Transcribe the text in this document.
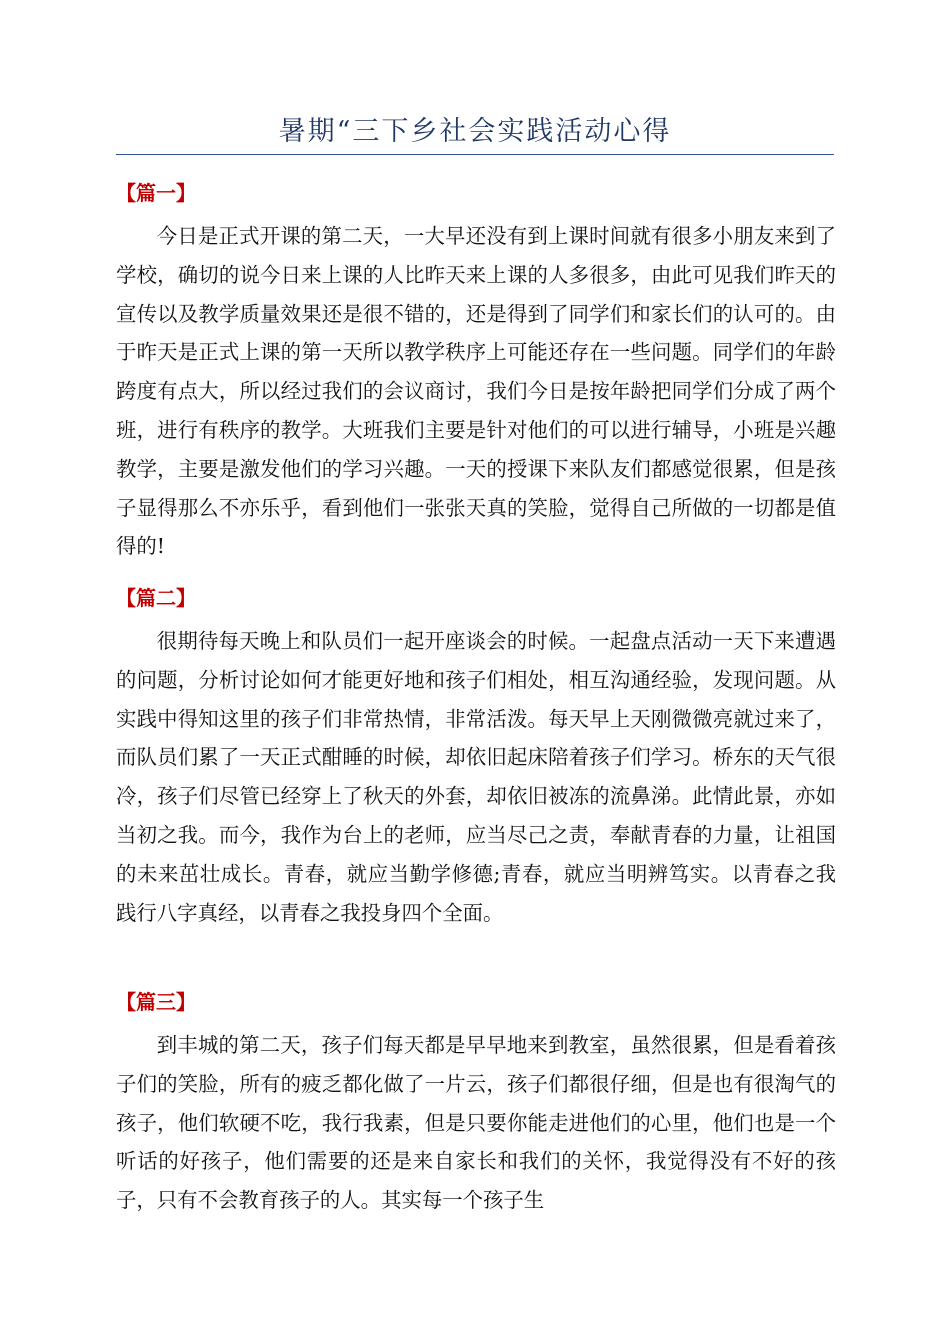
暑期“三下乡社会实践活动心得
【篇一】

今日是正式开课的第二天，一大早还没有到上课时间就有很多小朋友来到了学校，确切的说今日来上课的人比昨天来上课的人多很多，由此可见我们昨天的宣传以及教学质量效果还是很不错的，还是得到了同学们和家长们的认可的。由于昨天是正式上课的第一天所以教学秩序上可能还存在一些问题。同学们的年龄跨度有点大，所以经过我们的会议商讨，我们今日是按年龄把同学们分成了两个班，进行有秩序的教学。大班我们主要是针对他们的可以进行辅导，小班是兴趣教学，主要是激发他们的学习兴趣。一天的授课下来队友们都感觉很累，但是孩子显得那么不亦乐乎，看到他们一张张天真的笑脸，觉得自己所做的一切都是值得的!

【篇二】

很期待每天晚上和队员们一起开座谈会的时候。一起盘点活动一天下来遭遇的问题，分析讨论如何才能更好地和孩子们相处，相互沟通经验，发现问题。从实践中得知这里的孩子们非常热情，非常活泼。每天早上天刚微微亮就过来了，而队员们累了一天正式酣睡的时候，却依旧起床陪着孩子们学习。桥东的天气很冷，孩子们尽管已经穿上了秋天的外套，却依旧被冻的流鼻涕。此情此景，亦如当初之我。而今，我作为台上的老师，应当尽己之责，奉献青春的力量，让祖国的未来茁壮成长。青春，就应当勤学修德;青春，就应当明辨笃实。以青春之我践行八字真经，以青春之我投身四个全面。

【篇三】

到丰城的第二天，孩子们每天都是早早地来到教室，虽然很累，但是看着孩子们的笑脸，所有的疲乏都化做了一片云，孩子们都很仔细，但是也有很淘气的孩子，他们软硬不吃，我行我素，但是只要你能走进他们的心里，他们也是一个听话的好孩子，他们需要的还是来自家长和我们的关怀，我觉得没有不好的孩子，只有不会教育孩子的人。其实每一个孩子生
